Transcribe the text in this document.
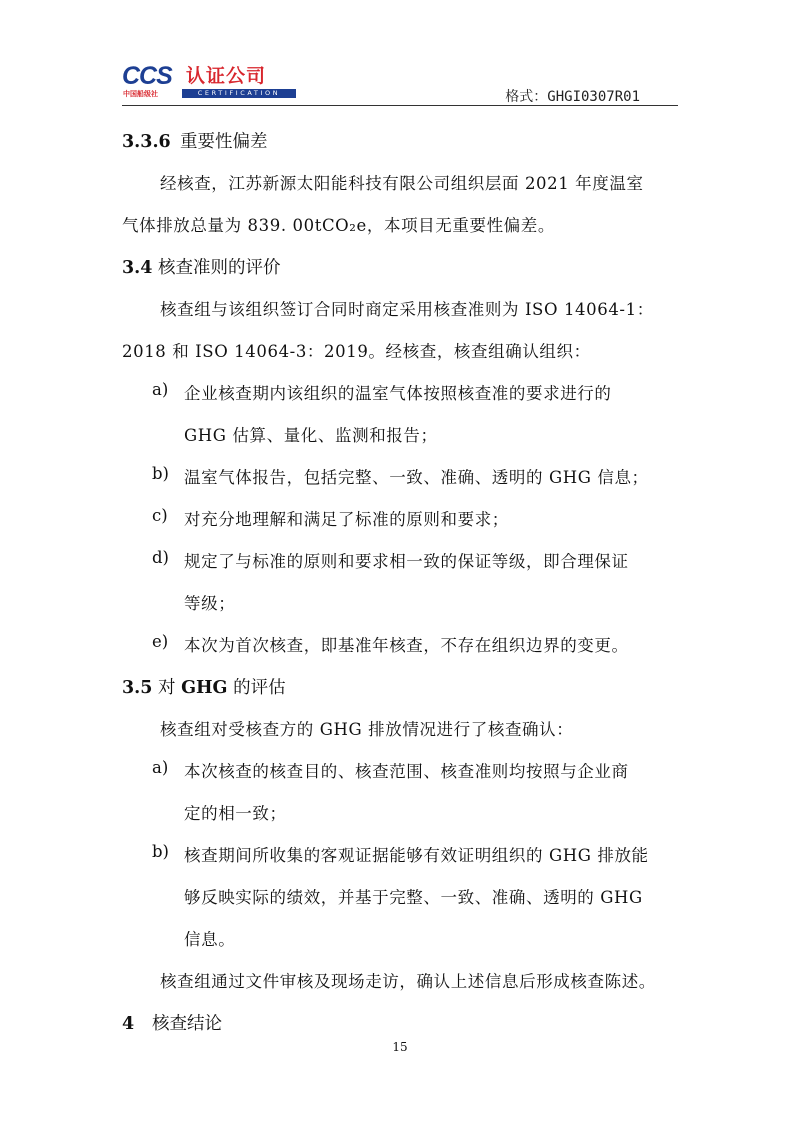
CCS 认证公司
中国船级社	CERTIFICATION	格式：GHGI0307R01
3.3.6 重要性偏差
经核查，江苏新源太阳能科技有限公司组织层面 2021 年度温室
气体排放总量为 839. 00tCO₂e，本项目无重要性偏差。
3.4 核查准则的评价
核查组与该组织签订合同时商定采用核查准则为 ISO 14064-1：
2018 和 ISO 14064-3：2019。经核查，核查组确认组织：
a) 企业核查期内该组织的温室气体按照核查准的要求进行的
GHG 估算、量化、监测和报告；
b) 温室气体报告，包括完整、一致、准确、透明的 GHG 信息；
c) 对充分地理解和满足了标准的原则和要求；
d) 规定了与标准的原则和要求相一致的保证等级，即合理保证
等级；
e) 本次为首次核查，即基准年核查，不存在组织边界的变更。
3.5 对 GHG 的评估
核查组对受核查方的 GHG 排放情况进行了核查确认：
a) 本次核查的核查目的、核查范围、核查准则均按照与企业商
定的相一致；
b) 核查期间所收集的客观证据能够有效证明组织的 GHG 排放能
够反映实际的绩效，并基于完整、一致、准确、透明的 GHG
信息。
核查组通过文件审核及现场走访，确认上述信息后形成核查陈述。
4 核查结论
15
